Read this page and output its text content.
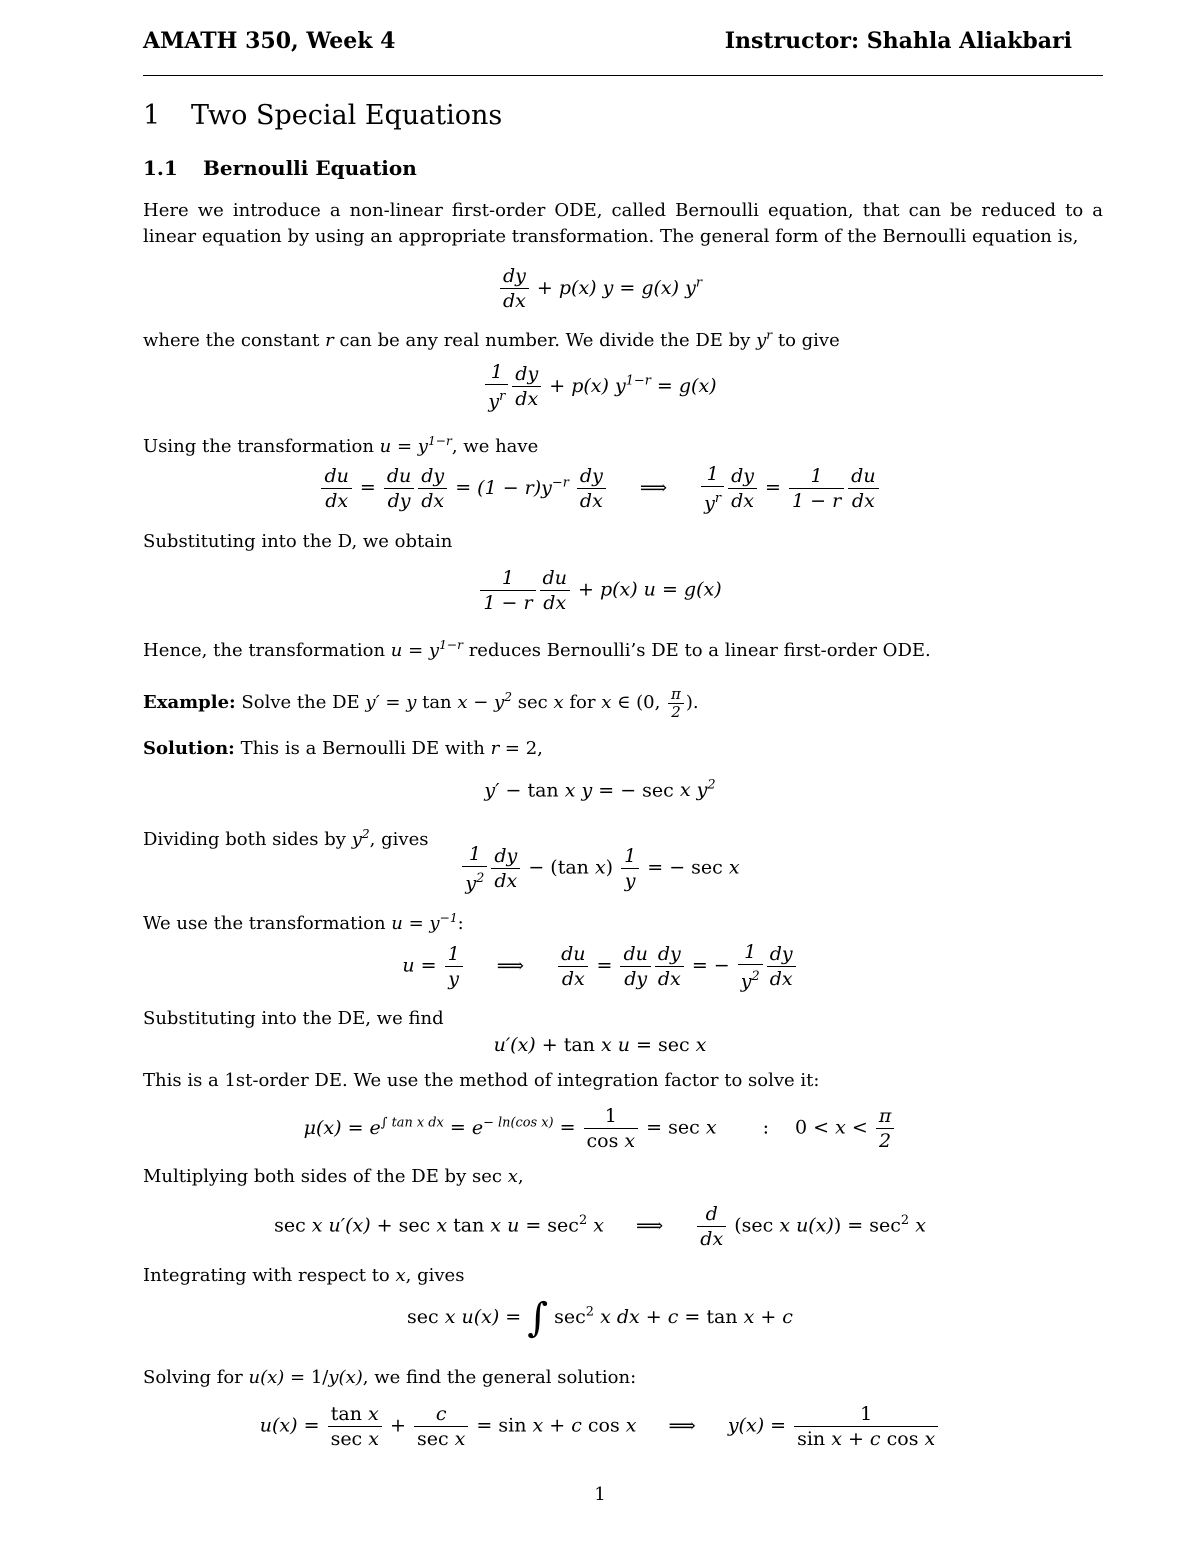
AMATH 350, Week 4	Instructor: Shahla Aliakbari
1 Two Special Equations
1.1 Bernoulli Equation
Here we introduce a non-linear first-order ODE, called Bernoulli equation, that can be reduced to a linear equation by using an appropriate transformation. The general form of the Bernoulli equation is,
$\frac{dy}{dx} + p(x) y = g(x)$ $y^r$
where the constant r can be any real number. We divide the DE by $y^r$ to give
$\frac{1}{y^r} \frac{dy}{dx} + p(x) y^{1-r} = g(x)$
Using the transformation $u = y^{1-r}$, we have
$\frac{du}{dx} = \frac{du}{dy} \frac{dy}{dx} = (1 - r)y^{-r} \frac{dy}{dx}$ ⟹ $\frac{1}{y^r} \frac{dy}{dx} = \frac{1}{1 - r} \frac{du}{dx}$
Substituting into the D, we obtain
$\frac{1}{1 - r} \frac{du}{dx} + p(x) u = g(x)$
Hence, the transformation $u = y^{1-r}$ reduces Bernoulli’s DE to a linear first-order ODE.
Example: Solve the DE y′ = y $\tan x - y^2$ sec x for x ∈ (0, $\frac{\pi}{2}$ ).
Solution: This is a Bernoulli DE with r = 2,
y′ − tan x y = − sec x $y^2$
Dividing both sides by $y^2$, gives
$\frac{1}{y^2} \frac{dy}{dx} - (\tan$ $x) \frac{1}{y}$ = − sec x
We use the transformation $u = y^{-1}$:
$u = \frac{1}{y}$ ⟹ $\frac{du}{dx} = \frac{du}{dy} \frac{dy}{dx}$ = − $\frac{1}{y^2} \frac{dy}{dx}$
Substituting into the DE, we find
u′(x) + tan x u = sec x
This is a 1st-order DE. We use the method of integration factor to solve it:
$\mu(x) = e^{\int tan x dx} = e^{- ln(cos x)} = \frac{1}{\text{cos x}} = \sec x$ : $0 < x < \frac{\pi}{2}$
Multiplying both sides of the DE by sec x,
sec x u′(x) + sec x tan x $u = \sec^2 x$ ⟹ $\frac{d}{dx} (\sec$ x $u(x)) = \sec^2 x$
Integrating with respect to x, gives
sec x u(x) = ∫ $\sec^2 x$ dx + c = tan x + c
Solving for u(x) = 1/y(x), we find the general solution:
$u(x) = \frac{\text{tan x}}{\text{sec x}} + \frac{c}{\text{sec x}} = \sin x + c$ cos x ⟹ $y(x) = \frac{1}{\text{sin x + c cos x}}$
1
